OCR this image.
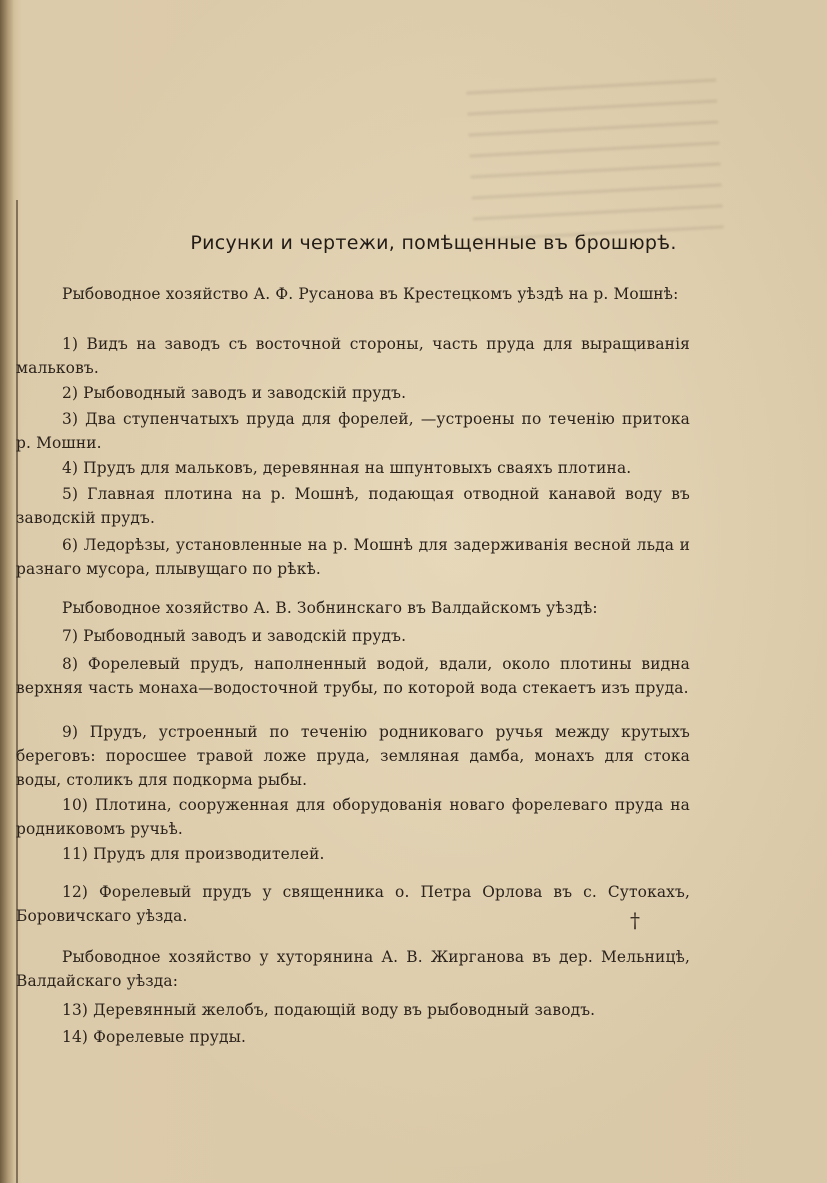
Рисунки и чертежи, помѣщенные въ брошюрѣ.

Рыбоводное хозяйство А. Ф. Русанова въ Крестецкомъ уѣздѣ на р. Мошнѣ:

1) Видъ на заводъ съ восточной стороны, часть пруда для выращиванія мальковъ.

2) Рыбоводный заводъ и заводскій прудъ.

3) Два ступенчатыхъ пруда для форелей, —устроены по теченію притока р. Мошни.

4) Прудъ для мальковъ, деревянная на шпунтовыхъ сваяхъ плотина.

5) Главная плотина на р. Мошнѣ, подающая отводной канавой воду въ заводскій прудъ.

6) Ледорѣзы, установленные на р. Мошнѣ для задерживанія весной льда и разнаго мусора, плывущаго по рѣкѣ.

Рыбоводное хозяйство А. В. Зобнинскаго въ Валдайскомъ уѣздѣ:

7) Рыбоводный заводъ и заводскій прудъ.

8) Форелевый прудъ, наполненный водой, вдали, около плотины видна верхняя часть монаха—водосточной трубы, по которой вода стекаетъ изъ пруда.

9) Прудъ, устроенный по теченію родниковаго ручья между крутыхъ береговъ: поросшее травой ложе пруда, земляная дамба, монахъ для стока воды, столикъ для подкорма рыбы.

10) Плотина, сооруженная для оборудованія новаго форелеваго пруда на родниковомъ ручьѣ.

11) Прудъ для производителей.

12) Форелевый прудъ у священника о. Петра Орлова въ с. Сутокахъ, Боровичскаго уѣзда.	†

Рыбоводное хозяйство у хуторянина А. В. Жирганова въ дер. Мельницѣ, Валдайскаго уѣзда:

13) Деревянный желобъ, подающій воду въ рыбоводный заводъ.

14) Форелевые пруды.
